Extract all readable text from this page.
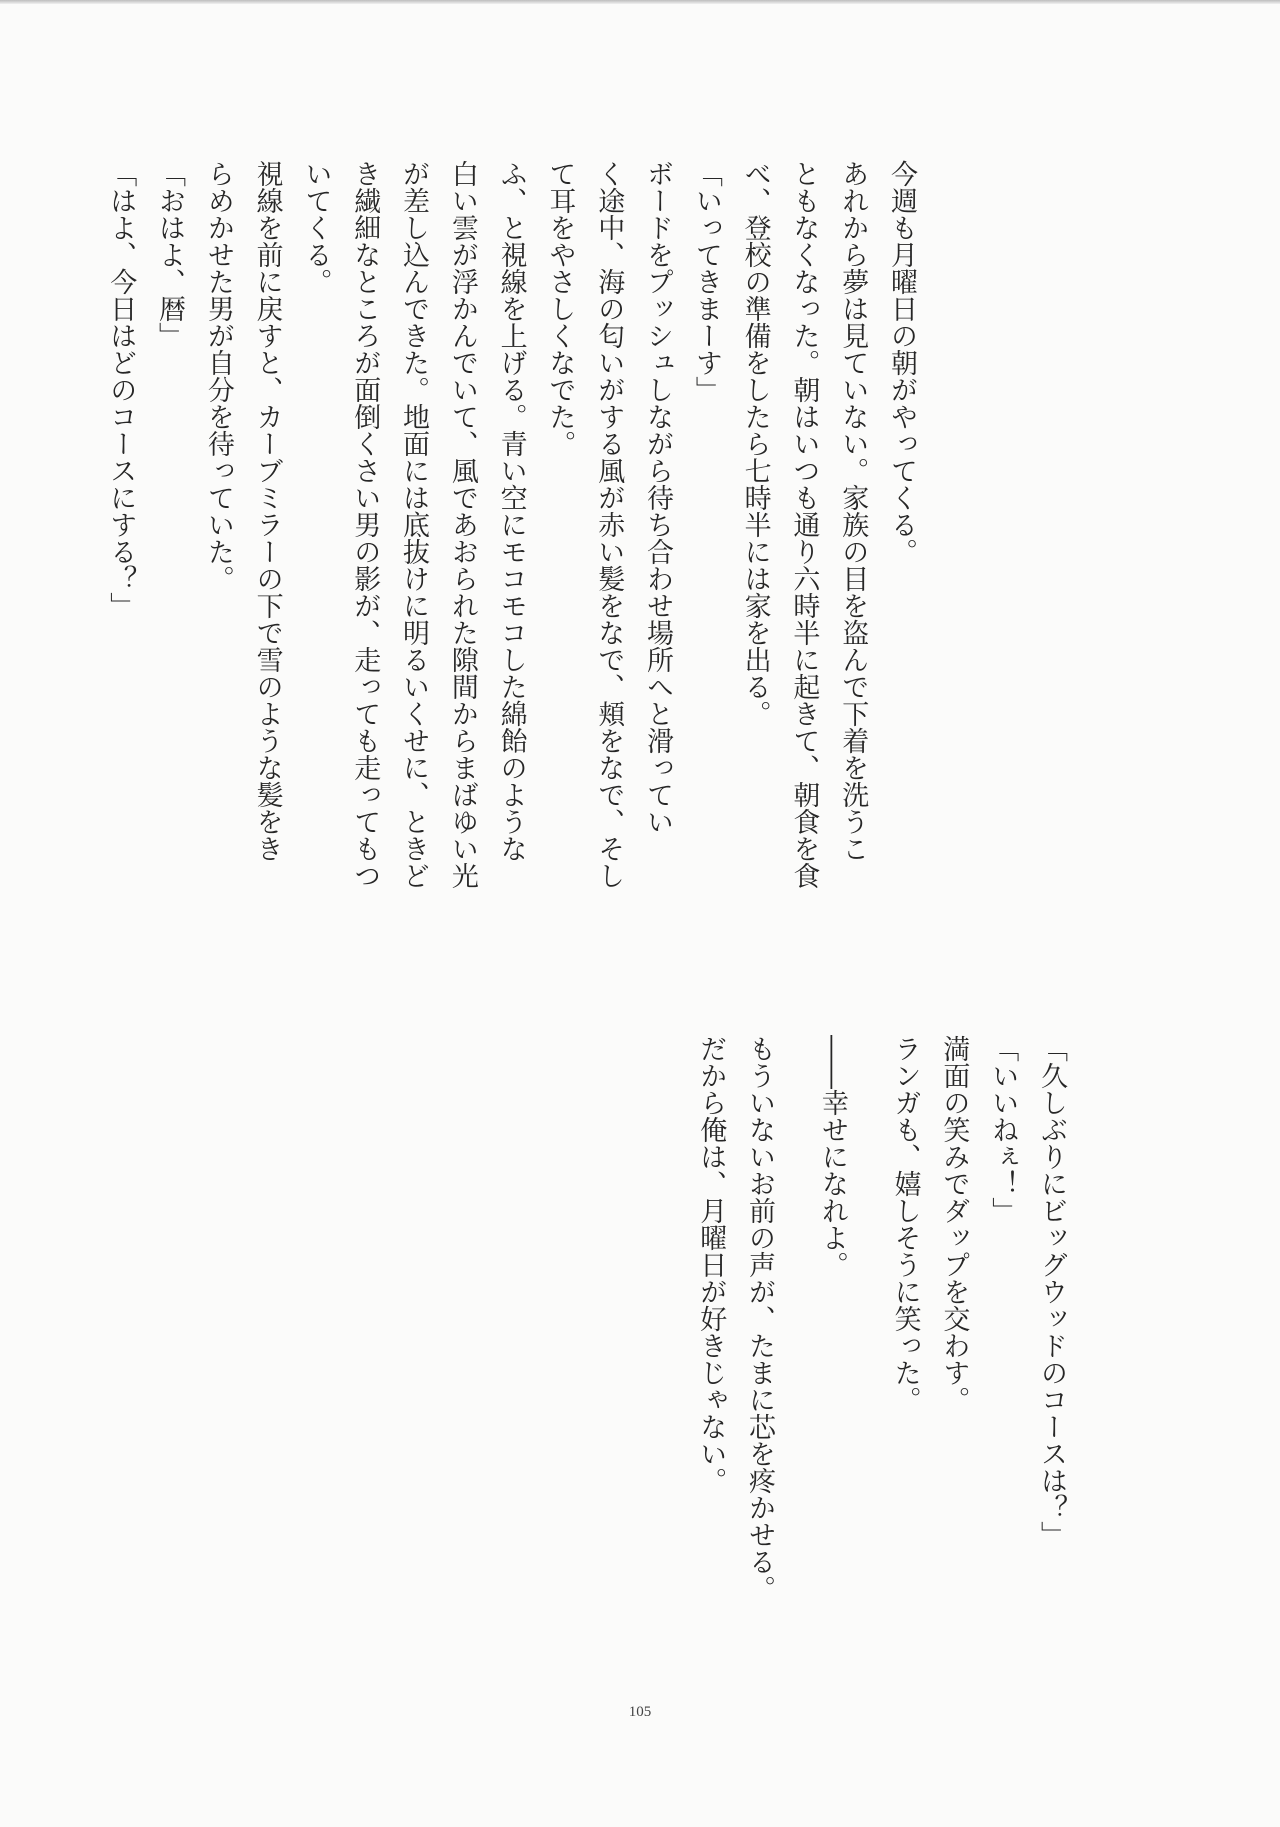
今週も月曜日の朝がやってくる。
あれから夢は見ていない。家族の目を盗んで下着を洗うこ
ともなくなった。朝はいつも通り六時半に起きて、朝食を食
べ、登校の準備をしたら七時半には家を出る。
「いってきまーす」
ボードをプッシュしながら待ち合わせ場所へと滑ってい
く途中、海の匂いがする風が赤い髪をなで、頬をなで、そし
て耳をやさしくなでた。
ふ、と視線を上げる。青い空にモコモコした綿飴のような
白い雲が浮かんでいて、風であおられた隙間からまばゆい光
が差し込んできた。地面には底抜けに明るいくせに、ときど
き繊細なところが面倒くさい男の影が、走っても走ってもつ
いてくる。
視線を前に戻すと、カーブミラーの下で雪のような髪をき
らめかせた男が自分を待っていた。
「おはよ、暦」
「はよ、今日はどのコースにする？」
「久しぶりにビッグウッドのコースは？」
「いいねぇ！」
満面の笑みでダップを交わす。
ランガも、嬉しそうに笑った。
――幸せになれよ。
もういないお前の声が、たまに芯を疼かせる。
だから俺は、月曜日が好きじゃない。
105
